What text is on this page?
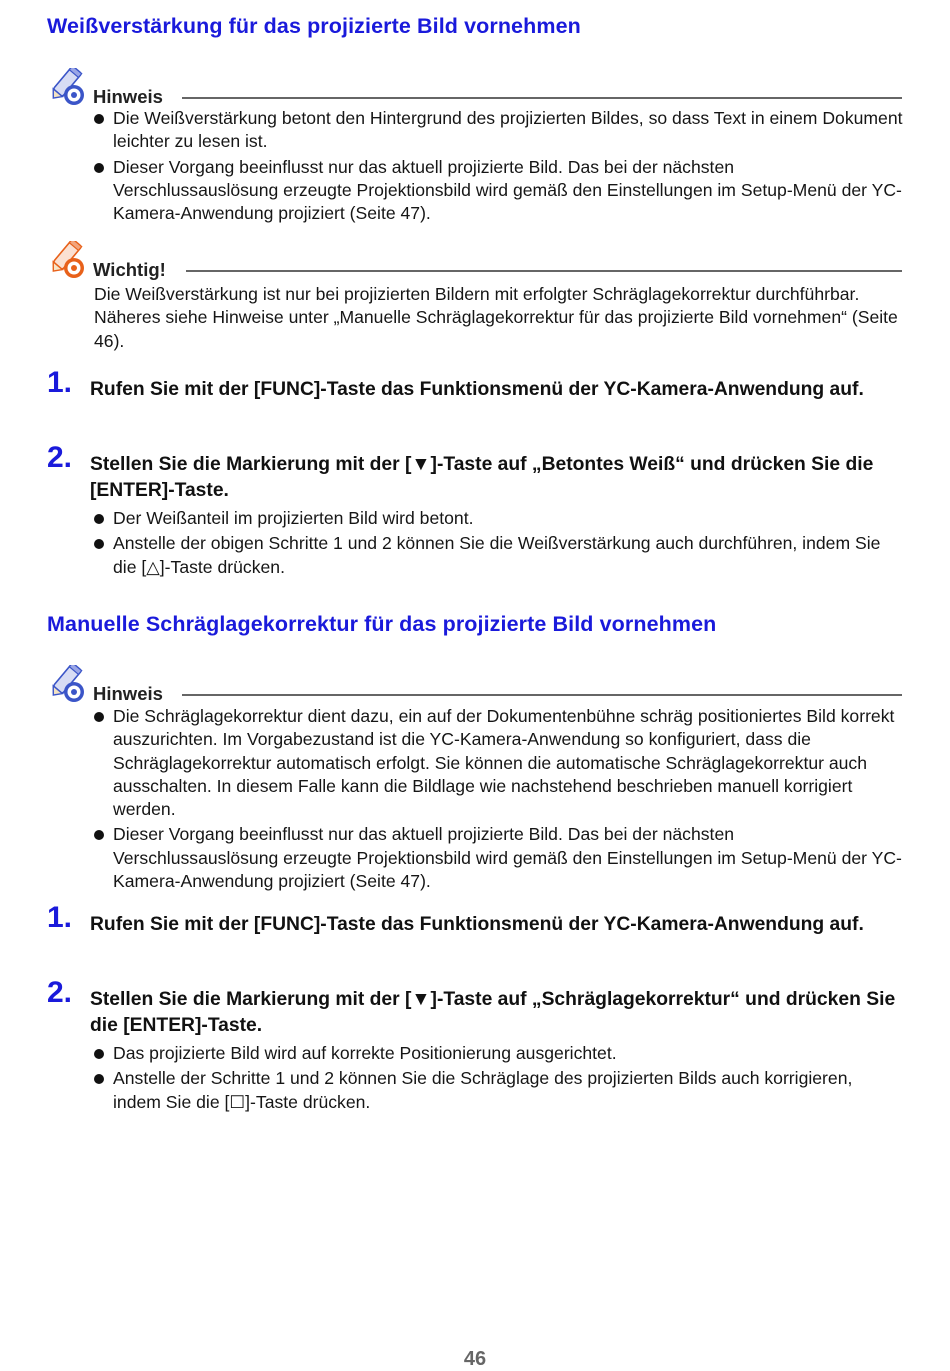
Weißverstärkung für das projizierte Bild vornehmen
Hinweis
Die Weißverstärkung betont den Hintergrund des projizierten Bildes, so dass Text in einem Dokument leichter zu lesen ist.
Dieser Vorgang beeinflusst nur das aktuell projizierte Bild. Das bei der nächsten Verschlussauslösung erzeugte Projektionsbild wird gemäß den Einstellungen im Setup-Menü der YC-Kamera-Anwendung projiziert (Seite 47).
Wichtig!

Die Weißverstärkung ist nur bei projizierten Bildern mit erfolgter Schräglagekorrektur durchführbar. Näheres siehe Hinweise unter „Manuelle Schräglagekorrektur für das projizierte Bild vornehmen“ (Seite 46).

1. Rufen Sie mit der [FUNC]-Taste das Funktionsmenü der YC-Kamera-Anwendung auf.
2. Stellen Sie die Markierung mit der [▼]-Taste auf „Betontes Weiß“ und drücken Sie die [ENTER]-Taste.
Der Weißanteil im projizierten Bild wird betont.
Anstelle der obigen Schritte 1 und 2 können Sie die Weißverstärkung auch durchführen, indem Sie die [△]-Taste drücken.
Manuelle Schräglagekorrektur für das projizierte Bild vornehmen
Hinweis
Die Schräglagekorrektur dient dazu, ein auf der Dokumentenbühne schräg positioniertes Bild korrekt auszurichten. Im Vorgabezustand ist die YC-Kamera-Anwendung so konfiguriert, dass die Schräglagekorrektur automatisch erfolgt. Sie können die automatische Schräglagekorrektur auch ausschalten. In diesem Falle kann die Bildlage wie nachstehend beschrieben manuell korrigiert werden.
Dieser Vorgang beeinflusst nur das aktuell projizierte Bild. Das bei der nächsten Verschlussauslösung erzeugte Projektionsbild wird gemäß den Einstellungen im Setup-Menü der YC-Kamera-Anwendung projiziert (Seite 47).
1. Rufen Sie mit der [FUNC]-Taste das Funktionsmenü der YC-Kamera-Anwendung auf.
2. Stellen Sie die Markierung mit der [▼]-Taste auf „Schräglagekorrektur“ und drücken Sie die [ENTER]-Taste.
Das projizierte Bild wird auf korrekte Positionierung ausgerichtet.
Anstelle der Schritte 1 und 2 können Sie die Schräglage des projizierten Bilds auch korrigieren, indem Sie die [☐]-Taste drücken.
46
